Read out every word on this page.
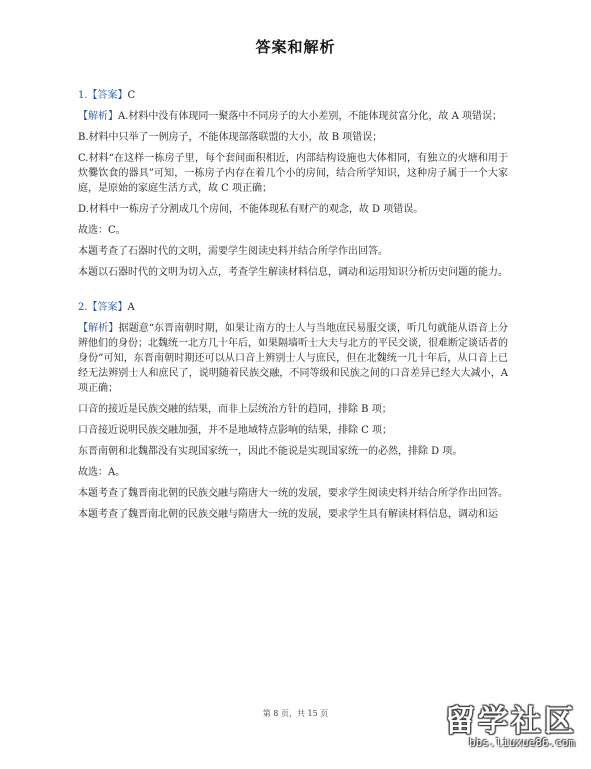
答案和解析
1.【答案】C

【解析】A.材料中没有体现同一聚落中不同房子的大小差别，不能体现贫富分化，故 A 项错误；

B.材料中只举了一例房子，不能体现部落联盟的大小，故 B 项错误；

C.材料“在这样一栋房子里，每个套间面积相近，内部结构设施也大体相同，有独立的火塘和用于炊爨饮食的器具”可知，一栋房子内存在着几个小的房间，结合所学知识，这种房子属于一个大家庭，是原始的家庭生活方式，故 C 项正确；

D.材料中一栋房子分割成几个房间，不能体现私有财产的观念，故 D 项错误。

故选：C。

本题考查了石器时代的文明，需要学生阅读史料并结合所学作出回答。

本题以石器时代的文明为切入点，考查学生解读材料信息，调动和运用知识分析历史问题的能力。

2.【答案】A

【解析】据题意“东晋南朝时期，如果让南方的士人与当地庶民易服交谈，听几句就能从语音上分辨他们的身份；北魏统一北方几十年后，如果隔墙听士大夫与北方的平民交谈，很难断定谈话者的身份”可知，东晋南朝时期还可以从口音上辨别士人与庶民，但在北魏统一几十年后，从口音上已经无法辨别士人和庶民了，说明随着民族交融，不同等级和民族之间的口音差异已经大大减小，A 项正确；

口音的接近是民族交融的结果，而非上层统治方针的趋同，排除 B 项；

口音接近说明民族交融加强，并不是地域特点影响的结果，排除 C 项；

东晋南朝和北魏都没有实现国家统一，因此不能说是实现国家统一的必然，排除 D 项。

故选：A。

本题考查了魏晋南北朝的民族交融与隋唐大一统的发展，要求学生阅读史料并结合所学作出回答。

本题考查了魏晋南北朝的民族交融与隋唐大一统的发展，要求学生具有解读材料信息，调动和运

第 8 页，共 15 页	留学社区
bbs.liuxue86.com
